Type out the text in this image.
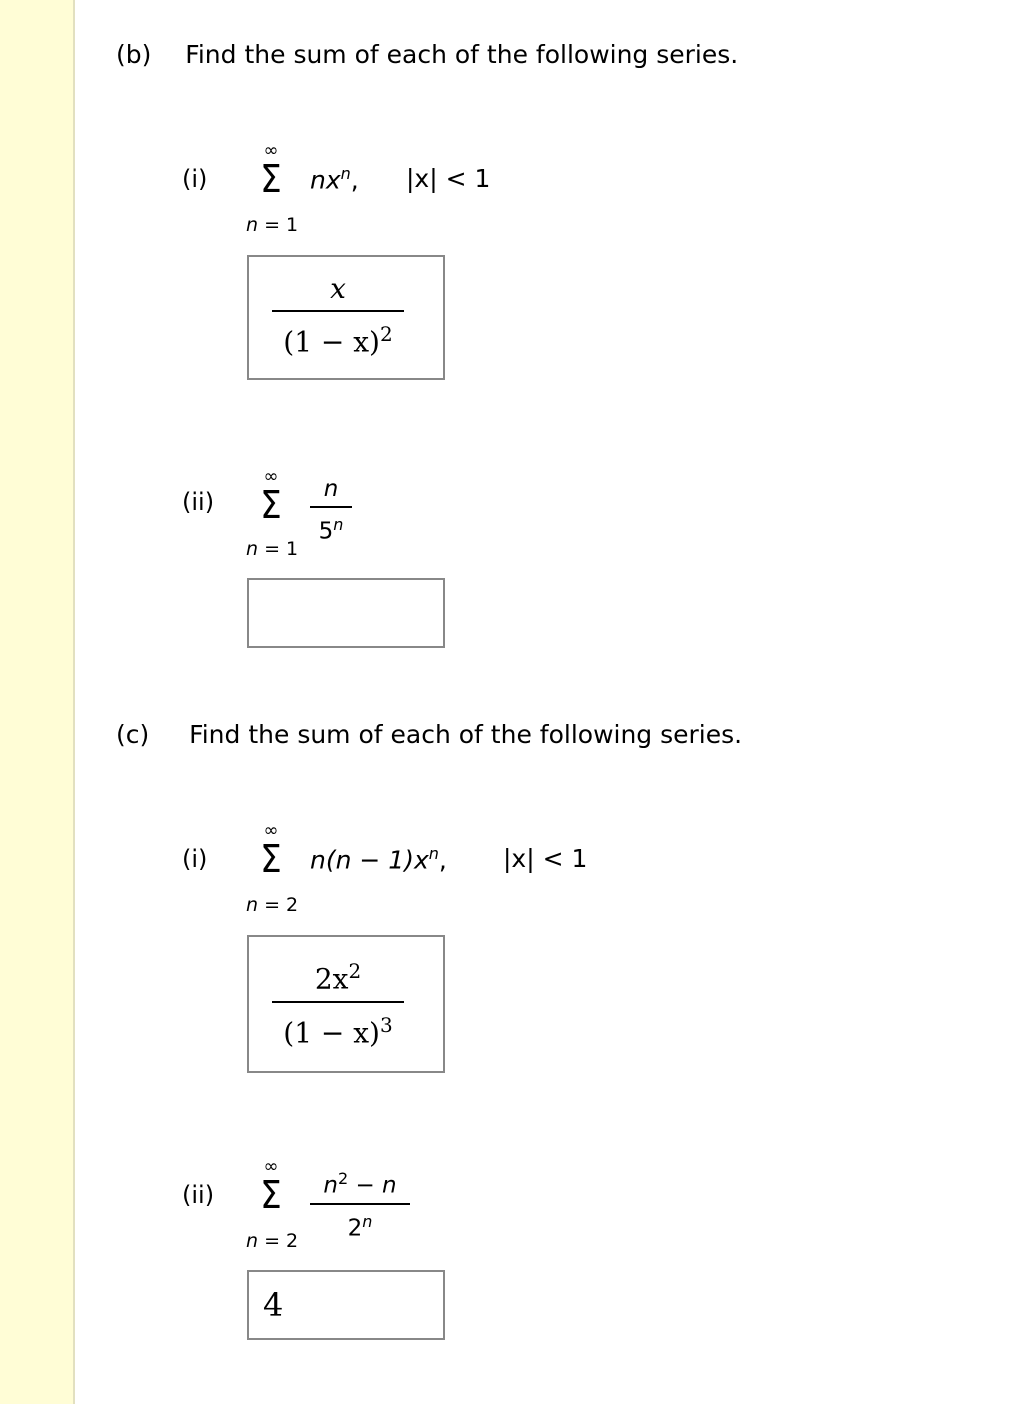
(b) Find the sum of each of the following series.
(i)
∞
Σ
n = 1
$nx^n$, |x| < 1
x
$(1 - x)^2$
(ii)
∞
Σ
n = 1
n
5$^n$
(c) Find the sum of each of the following series.
(i)
∞
Σ
n = 2
$n(n - 1)x^n$, |x| < 1
$2x^2$
$(1 - x)^3$
(ii)
∞
Σ
n = 2
$n^2 - n$
2$^n$
4
